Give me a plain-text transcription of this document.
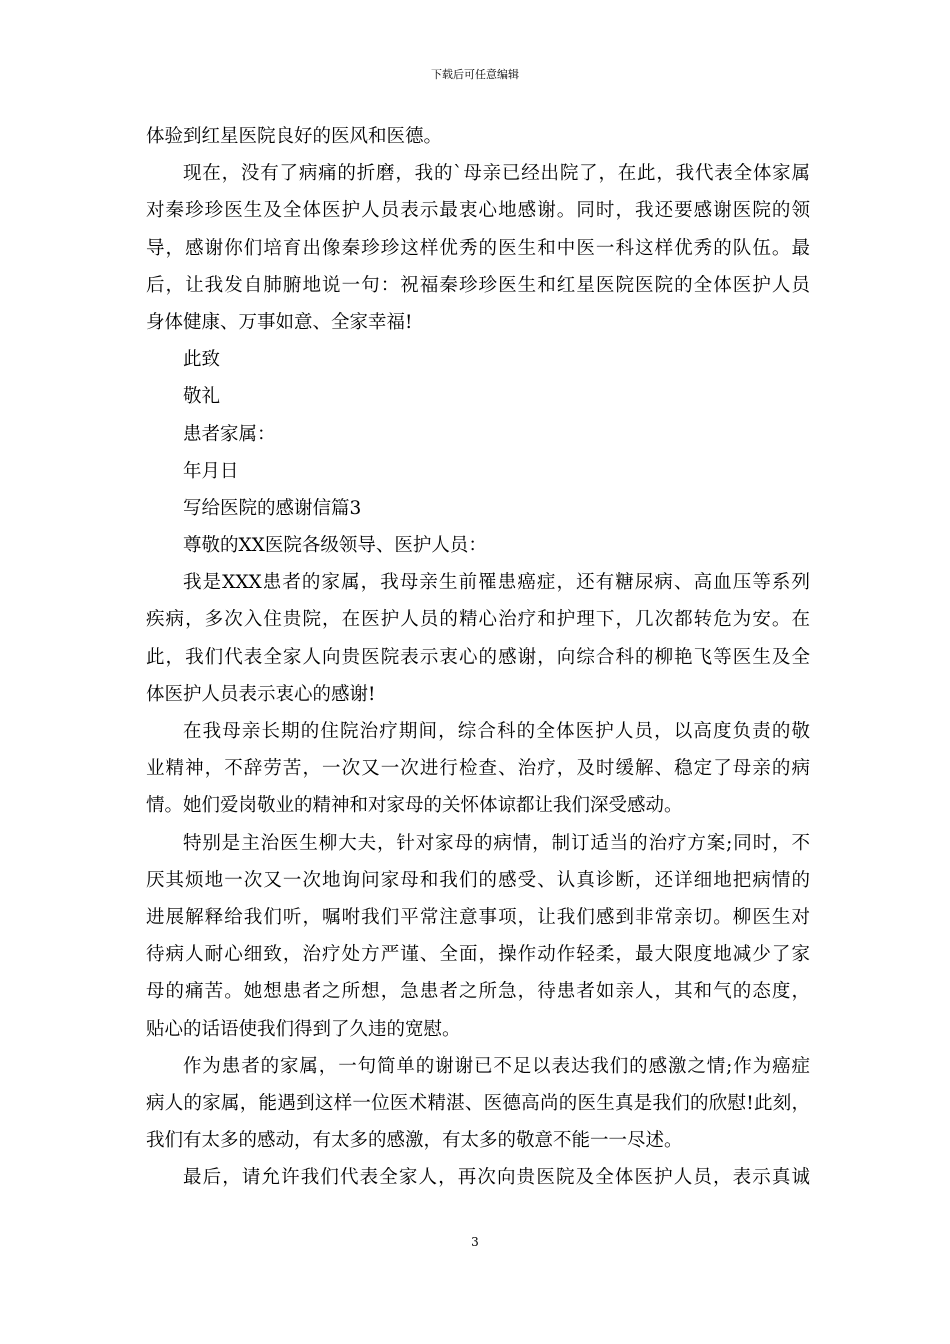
下载后可任意编辑
体验到红星医院良好的医风和医德。
现在，没有了病痛的折磨，我的`母亲已经出院了，在此，我代表全体家属
对秦珍珍医生及全体医护人员表示最衷心地感谢。同时，我还要感谢医院的领
导，感谢你们培育出像秦珍珍这样优秀的医生和中医一科这样优秀的队伍。最
后，让我发自肺腑地说一句：祝福秦珍珍医生和红星医院医院的全体医护人员
身体健康、万事如意、全家幸福!
此致
敬礼
患者家属：
年月日
写给医院的感谢信篇3
尊敬的XX医院各级领导、医护人员：
我是XXX患者的家属，我母亲生前罹患癌症，还有糖尿病、高血压等系列
疾病，多次入住贵院，在医护人员的精心治疗和护理下，几次都转危为安。在
此，我们代表全家人向贵医院表示衷心的感谢，向综合科的柳艳飞等医生及全
体医护人员表示衷心的感谢!
在我母亲长期的住院治疗期间，综合科的全体医护人员，以高度负责的敬
业精神，不辞劳苦，一次又一次进行检查、治疗，及时缓解、稳定了母亲的病
情。她们爱岗敬业的精神和对家母的关怀体谅都让我们深受感动。
特别是主治医生柳大夫，针对家母的病情，制订适当的治疗方案;同时，不
厌其烦地一次又一次地询问家母和我们的感受、认真诊断，还详细地把病情的
进展解释给我们听，嘱咐我们平常注意事项，让我们感到非常亲切。柳医生对
待病人耐心细致，治疗处方严谨、全面，操作动作轻柔，最大限度地减少了家
母的痛苦。她想患者之所想，急患者之所急，待患者如亲人，其和气的态度，
贴心的话语使我们得到了久违的宽慰。
作为患者的家属，一句简单的谢谢已不足以表达我们的感激之情;作为癌症
病人的家属，能遇到这样一位医术精湛、医德高尚的医生真是我们的欣慰!此刻，
我们有太多的感动，有太多的感激，有太多的敬意不能一一尽述。
最后，请允许我们代表全家人，再次向贵医院及全体医护人员，表示真诚
3
